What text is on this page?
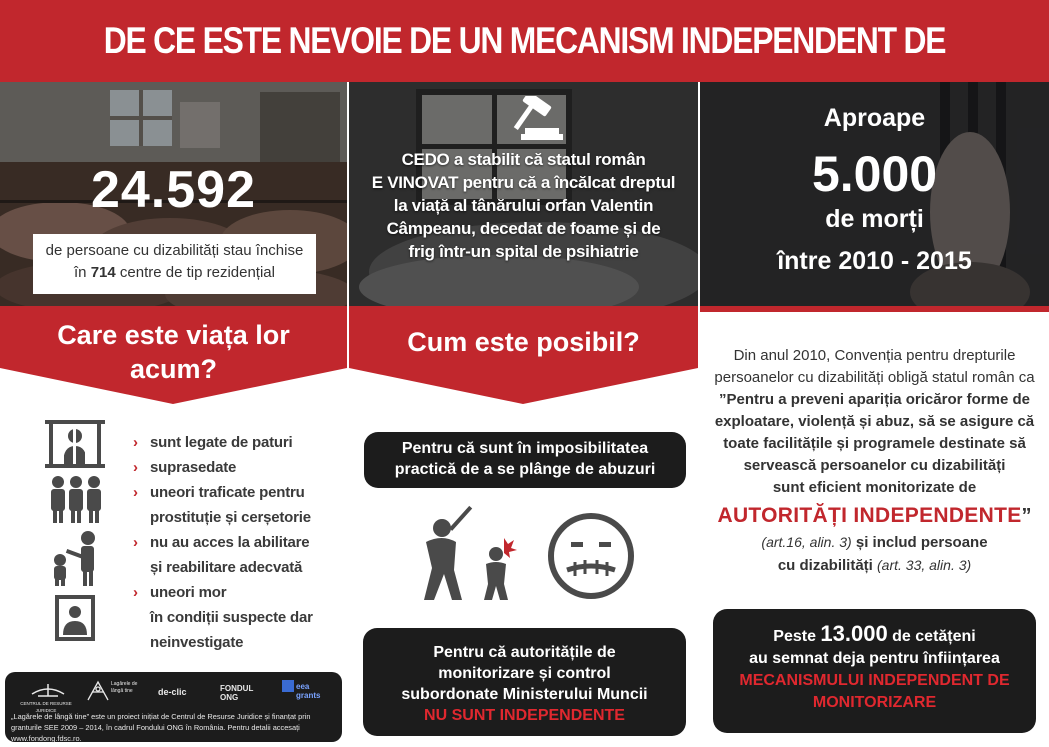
DE CE ESTE NEVOIE DE UN MECANISM INDEPENDENT DE
24.592
de persoane cu dizabilități stau închise
în 714 centre de tip rezidențial
CEDO a stabilit că statul român
E VINOVAT pentru că a încălcat dreptul
la viață al tânărului orfan Valentin
Câmpeanu, decedat de foame și de
frig într-un spital de psihiatrie
Aproape
5.000
de morți
între 2010 - 2015
Care este viața lor
acum?
Cum este posibil?
› sunt legate de paturi
› suprasedate
› uneori traficate pentru
prostituție și cerșetorie
› nu au acces la abilitare
și reabilitare adecvată
› uneori mor
în condiții suspecte dar
neinvestigate
CENTRUL DE RESURSE JURIDICE
Lagărele de lângă tine	de-clic	FONDUL ONG
eea grants
„Lagărele de lângă tine” este un proiect inițiat de Centrul de Resurse Juridice și finanțat prin granturile SEE 2009 – 2014, în cadrul Fondului ONG în România. Pentru detalii accesați www.fondong.fdsc.ro.
Pentru că sunt în imposibilitatea
practică de a se plânge de abuzuri
Pentru că autoritățile de
monitorizare și control
subordonate Ministerului Muncii
NU SUNT INDEPENDENTE
Din anul 2010, Convenția pentru drepturile
persoanelor cu dizabilități obligă statul român ca
”Pentru a preveni apariția oricăror forme de
exploatare, violență și abuz, să se asigure că
toate facilitățile și programele destinate să
servească persoanelor cu dizabilități
sunt eficient monitorizate de
AUTORITĂȚI INDEPENDENTE”
(art.16, alin. 3) și includ persoane
cu dizabilități (art. 33, alin. 3)
Peste 13.000 de cetățeni
au semnat deja pentru înființarea
MECANISMULUI INDEPENDENT DE
MONITORIZARE
